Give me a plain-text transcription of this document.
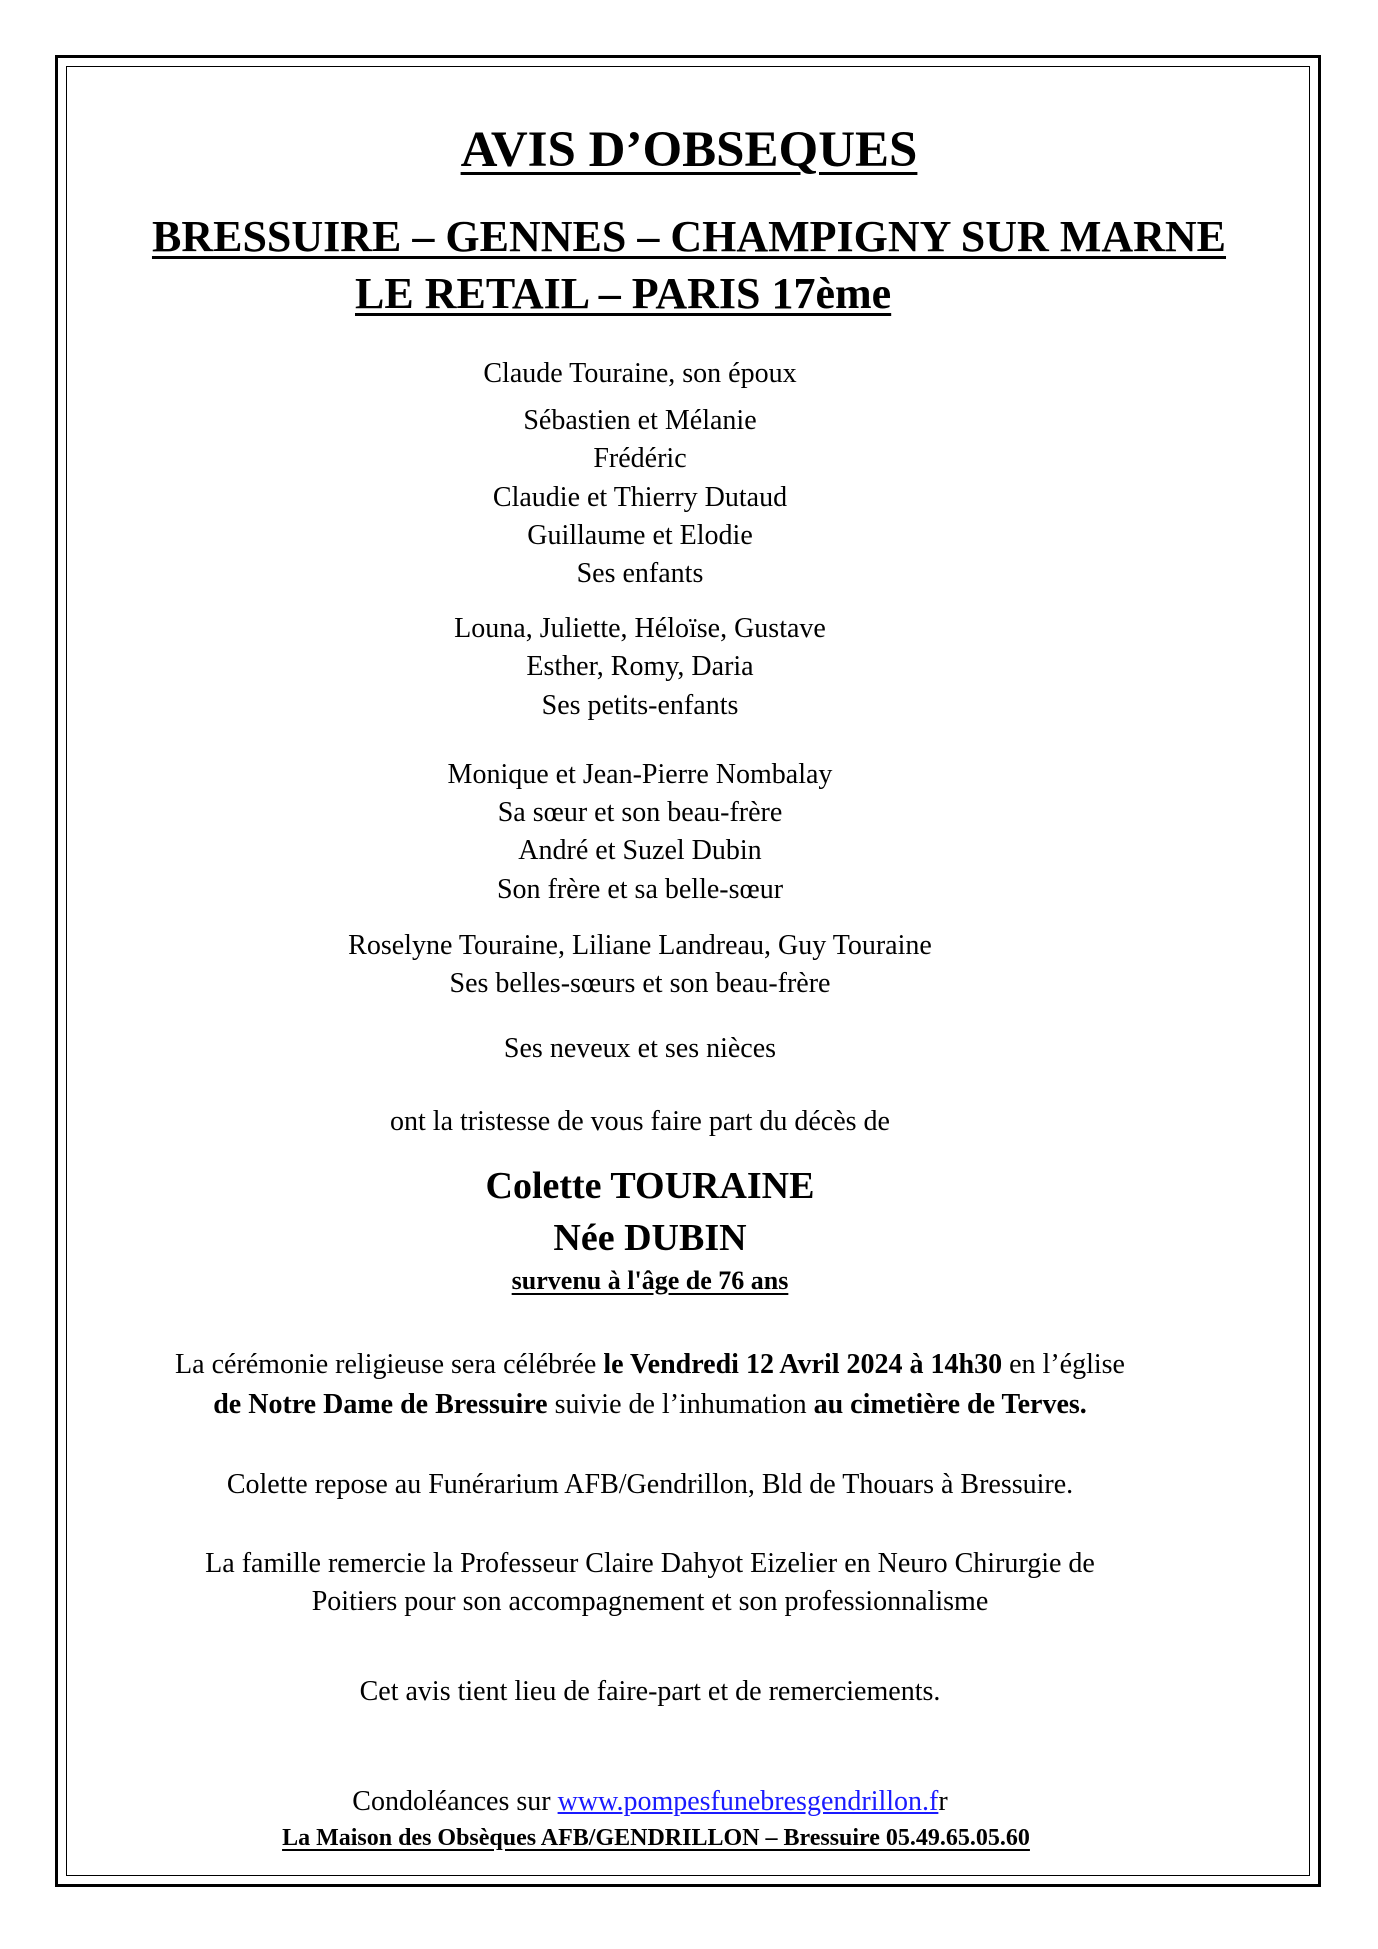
AVIS D’OBSEQUES
BRESSUIRE – GENNES – CHAMPIGNY SUR MARNE
LE RETAIL – PARIS 17ème
Claude Touraine, son époux
Sébastien et Mélanie
Frédéric
Claudie et Thierry Dutaud
Guillaume et Elodie
Ses enfants
Louna, Juliette, Héloïse, Gustave
Esther, Romy, Daria
Ses petits-enfants
Monique et Jean-Pierre Nombalay
Sa sœur et son beau-frère
André et Suzel Dubin
Son frère et sa belle-sœur
Roselyne Touraine, Liliane Landreau, Guy Touraine
Ses belles-sœurs et son beau-frère
Ses neveux et ses nièces
ont la tristesse de vous faire part du décès de
Colette TOURAINE
Née DUBIN
survenu à l'âge de 76 ans
La cérémonie religieuse sera célébrée le Vendredi 12 Avril 2024 à 14h30 en l’église
de Notre Dame de Bressuire suivie de l’inhumation au cimetière de Terves.
Colette repose au Funérarium AFB/Gendrillon, Bld de Thouars à Bressuire.
La famille remercie la Professeur Claire Dahyot Eizelier en Neuro Chirurgie de
Poitiers pour son accompagnement et son professionnalisme
Cet avis tient lieu de faire-part et de remerciements.
Condoléances sur www.pompesfunebresgendrillon.fr
La Maison des Obsèques AFB/GENDRILLON – Bressuire 05.49.65.05.60
